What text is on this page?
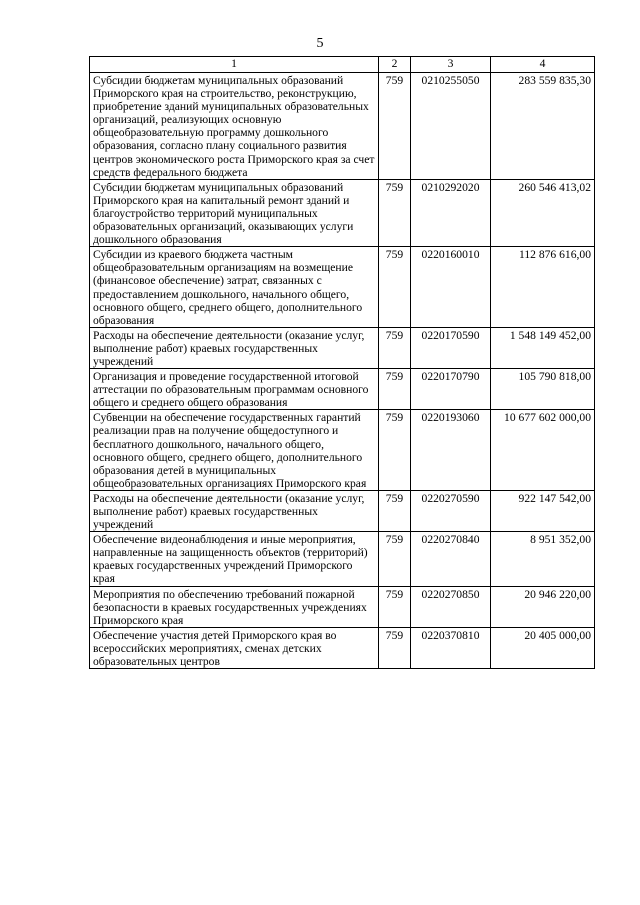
5
1	2	3	4
Субсидии бюджетам муниципальных образований Приморского края на строительство, реконструкцию, приобретение зданий муниципальных образовательных организаций, реализующих основную общеобразовательную программу дошкольного образования, согласно плану социального развития центров экономического роста Приморского края за счет средств федерального бюджета	759	0210255050	283 559 835,30
Субсидии бюджетам муниципальных образований Приморского края на капитальный ремонт зданий и благоустройство территорий муниципальных образовательных организаций, оказывающих услуги дошкольного образования	759	0210292020	260 546 413,02
Субсидии из краевого бюджета частным общеобразовательным организациям на возмещение (финансовое обеспечение) затрат, связанных с предоставлением дошкольного, начального общего, основного общего, среднего общего, дополнительного образования	759	0220160010	112 876 616,00
Расходы на обеспечение деятельности (оказание услуг, выполнение работ) краевых государственных учреждений	759	0220170590	1 548 149 452,00
Организация и проведение государственной итоговой аттестации по образовательным программам основного общего и среднего общего образования	759	0220170790	105 790 818,00
Субвенции на обеспечение государственных гарантий реализации прав на получение общедоступного и бесплатного дошкольного, начального общего, основного общего, среднего общего, дополнительного образования детей в муниципальных общеобразовательных организациях Приморского края	759	0220193060	10 677 602 000,00
Расходы на обеспечение деятельности (оказание услуг, выполнение работ) краевых государственных учреждений	759	0220270590	922 147 542,00
Обеспечение видеонаблюдения и иные мероприятия, направленные на защищенность объектов (территорий) краевых государственных учреждений Приморского края	759	0220270840	8 951 352,00
Мероприятия по обеспечению требований пожарной безопасности в краевых государственных учреждениях Приморского края	759	0220270850	20 946 220,00
Обеспечение участия детей Приморского края во всероссийских мероприятиях, сменах детских образовательных центров	759	0220370810	20 405 000,00
